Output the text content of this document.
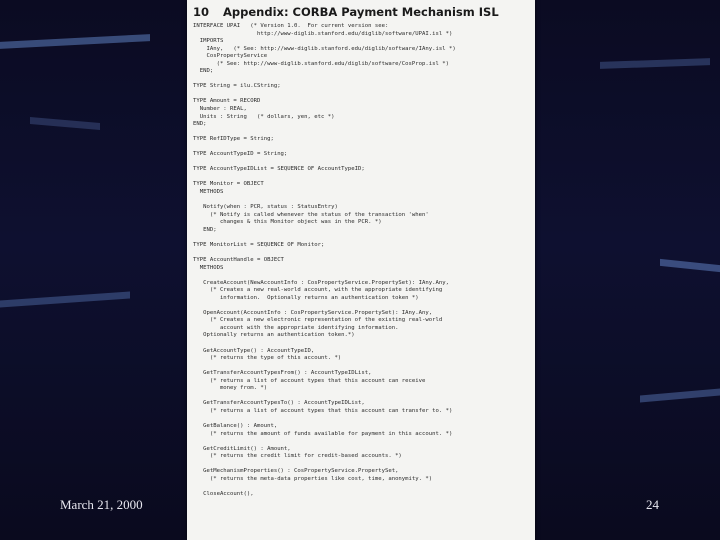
10 Appendix: CORBA Payment Mechanism ISL
INTERFACE UPAI   (* Version 1.0.  For current version see:
http://www-diglib.stanford.edu/diglib/software/UPAI.isl *)
IMPORTS
IAny,   (* See: http://www-diglib.stanford.edu/diglib/software/IAny.isl *)
CosPropertyService
(* See: http://www-diglib.stanford.edu/diglib/software/CosProp.isl *)
END;
TYPE String = ilu.CString;
TYPE Amount = RECORD
Number : REAL,
Units : String   (* dollars, yen, etc *)
END;
TYPE RefIDType = String;
TYPE AccountTypeID = String;
TYPE AccountTypeIDList = SEQUENCE OF AccountTypeID;
TYPE Monitor = OBJECT
METHODS
Notify(when : PCR, status : StatusEntry)
(* Notify is called whenever the status of the transaction 'when'
changes & this Monitor object was in the PCR. *)
END;
TYPE MonitorList = SEQUENCE OF Monitor;
TYPE AccountHandle = OBJECT
METHODS
CreateAccount(NewAccountInfo : CosPropertyService.PropertySet): IAny.Any,
(* Creates a new real-world account, with the appropriate identifying
information.  Optionally returns an authentication token *)
OpenAccount(AccountInfo : CosPropertyService.PropertySet): IAny.Any,
(* Creates a new electronic representation of the existing real-world
account with the appropriate identifying information.
Optionally returns an authentication token.*)
GetAccountType() : AccountTypeID,
(* returns the type of this account. *)
GetTransferAccountTypesFrom() : AccountTypeIDList,
(* returns a list of account types that this account can receive
money from. *)
GetTransferAccountTypesTo() : AccountTypeIDList,
(* returns a list of account types that this account can transfer to. *)
GetBalance() : Amount,
(* returns the amount of funds available for payment in this account. *)
GetCreditLimit() : Amount,
(* returns the credit limit for credit-based accounts. *)
GetMechanismProperties() : CosPropertyService.PropertySet,
(* returns the meta-data properties like cost, time, anonymity. *)
CloseAccount(),
March 21, 2000	24
